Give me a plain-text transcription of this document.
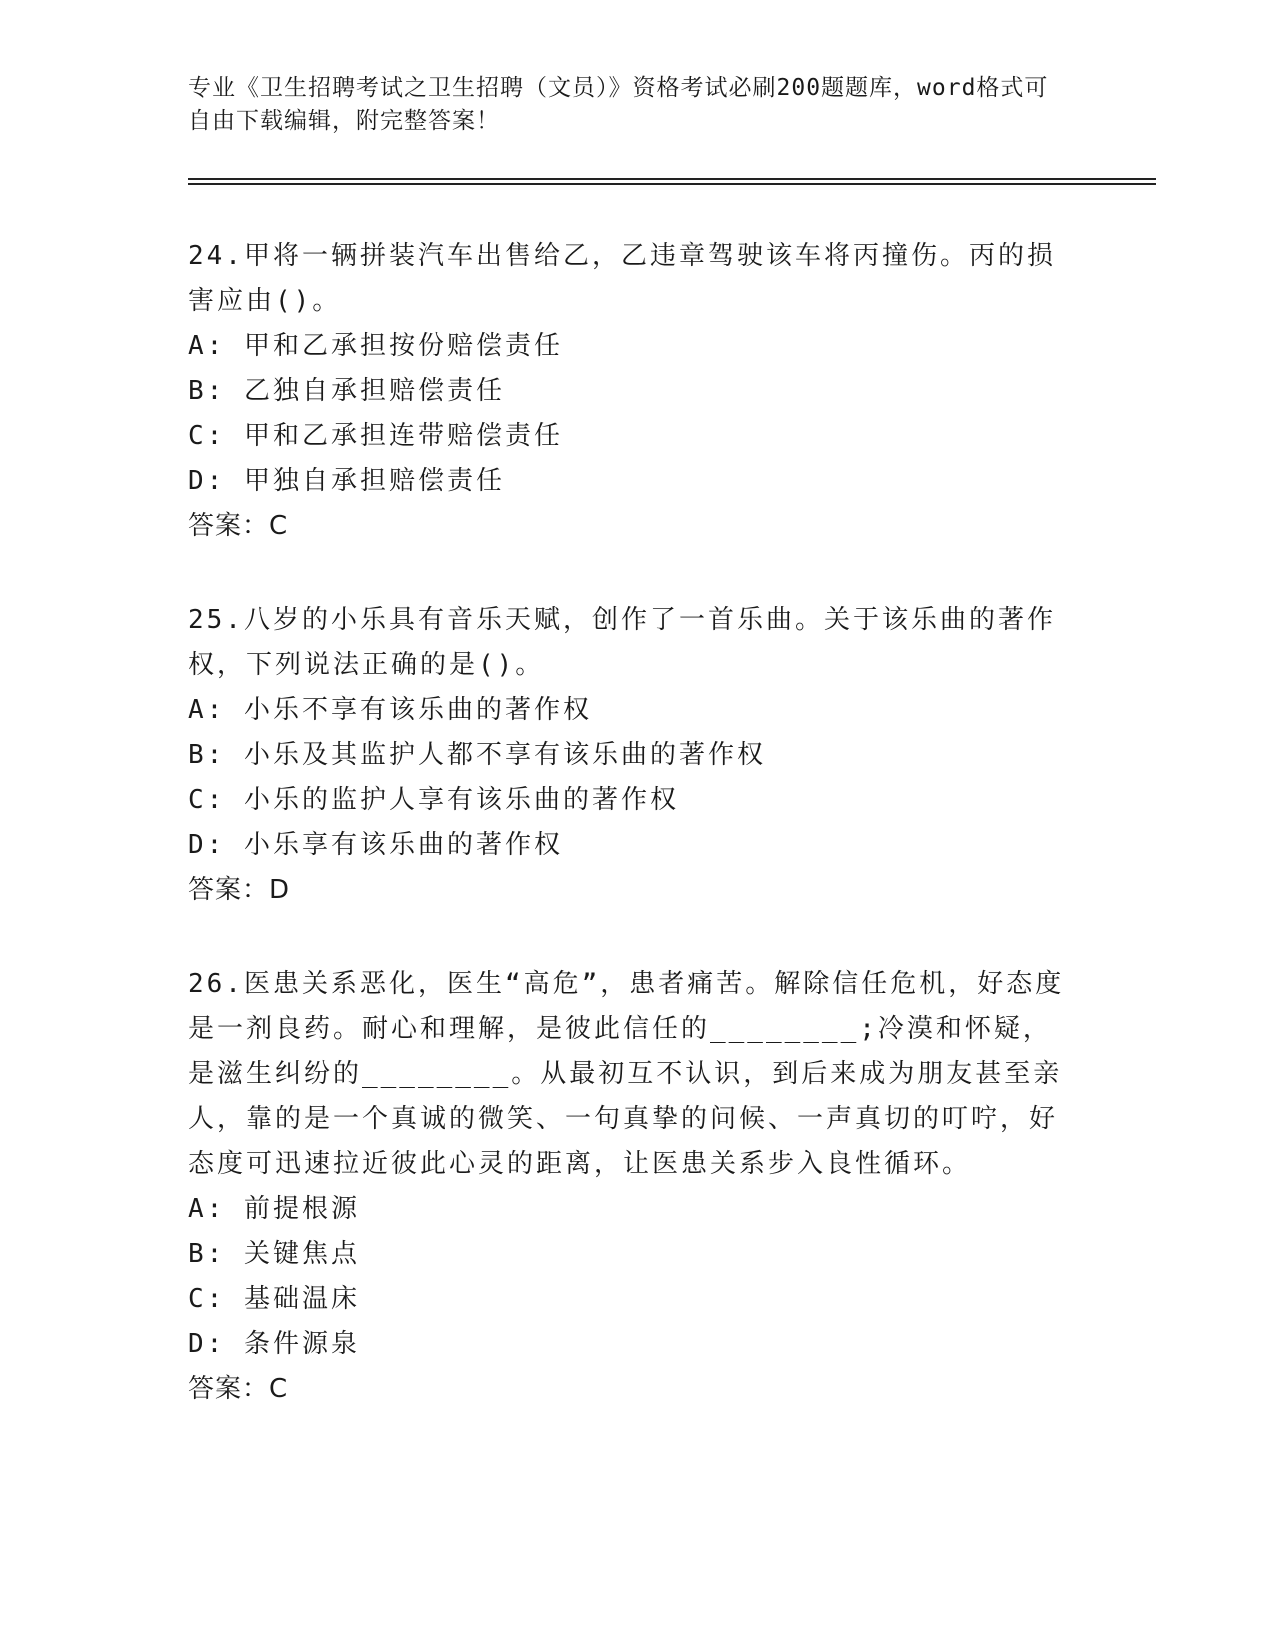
专业《卫生招聘考试之卫生招聘（文员）》资格考试必刷200题题库，word格式可自由下载编辑，附完整答案！

24.甲将一辆拼装汽车出售给乙，乙违章驾驶该车将丙撞伤。丙的损害应由()。

A: 甲和乙承担按份赔偿责任

B: 乙独自承担赔偿责任

C: 甲和乙承担连带赔偿责任

D: 甲独自承担赔偿责任

答案：C

25.八岁的小乐具有音乐天赋，创作了一首乐曲。关于该乐曲的著作权，下列说法正确的是()。

A: 小乐不享有该乐曲的著作权

B: 小乐及其监护人都不享有该乐曲的著作权

C: 小乐的监护人享有该乐曲的著作权

D: 小乐享有该乐曲的著作权

答案：D

26.医患关系恶化，医生“高危”，患者痛苦。解除信任危机，好态度是一剂良药。耐心和理解，是彼此信任的________;冷漠和怀疑，是滋生纠纷的________。从最初互不认识，到后来成为朋友甚至亲人，靠的是一个真诚的微笑、一句真挚的问候、一声真切的叮咛，好态度可迅速拉近彼此心灵的距离，让医患关系步入良性循环。

A: 前提根源

B: 关键焦点

C: 基础温床

D: 条件源泉

答案：C
